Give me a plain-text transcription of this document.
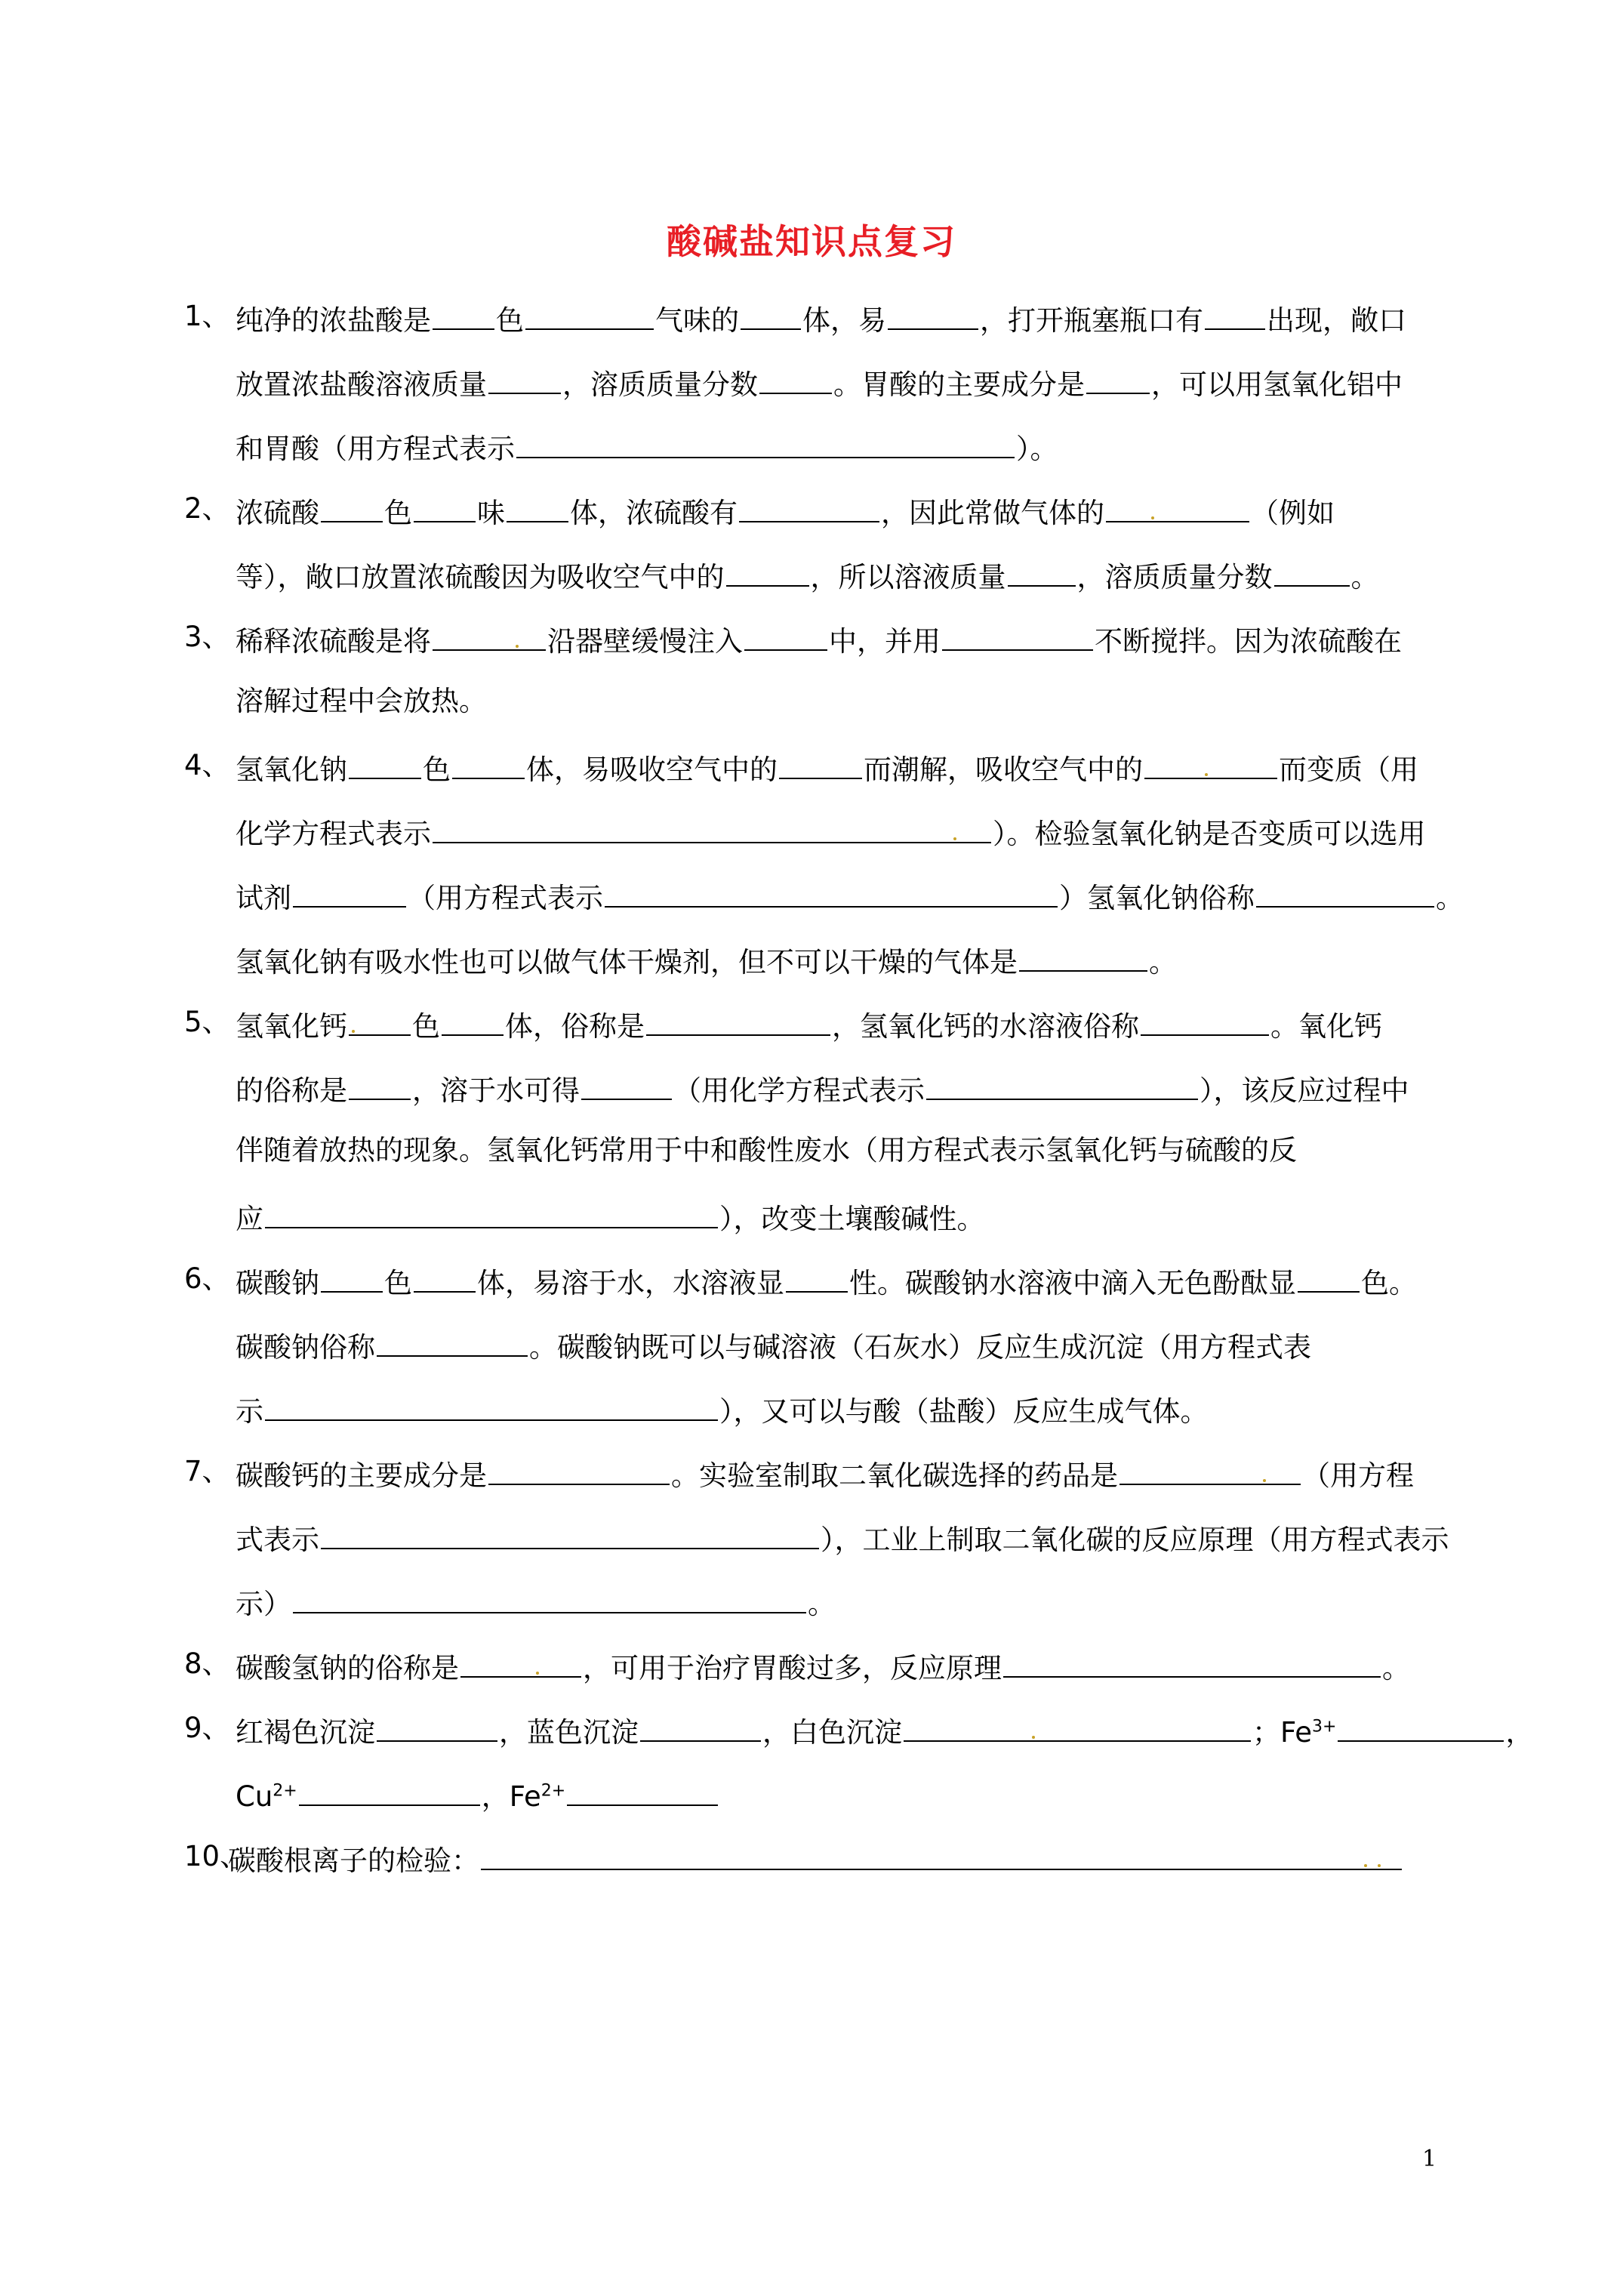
酸碱盐知识点复习
1、 纯净的浓盐酸是 色	气味的 体，易	，打开瓶塞瓶口有 出现，敞口
放置浓盐酸溶液质量	，溶质质量分数	。胃酸的主要成分是 ，可以用氢氧化铝中
和胃酸（用方程式表示	）。
2、 浓硫酸 色 味 体，浓硫酸有	，因此常做气体的	（例如
等），敞口放置浓硫酸因为吸收空气中的	，所以溶液质量	，溶质质量分数	。
3、 稀释浓硫酸是将	沿器壁缓慢注入	中，并用	不断搅拌。因为浓硫酸在
溶解过程中会放热。
4、 氢氧化钠	色	体，易吸收空气中的	而潮解，吸收空气中的	而变质（用
化学方程式表示	）。检验氢氧化钠是否变质可以选用
试剂	（用方程式表示	）氢氧化钠俗称	。
氢氧化钠有吸水性也可以做气体干燥剂，但不可以干燥的气体是	。
5、 氢氧化钙 色 体，俗称是	，氢氧化钙的水溶液俗称	。氧化钙
的俗称是 ，溶于水可得	（用化学方程式表示	），该反应过程中
伴随着放热的现象。氢氧化钙常用于中和酸性废水（用方程式表示氢氧化钙与硫酸的反
应	），改变土壤酸碱性。
6、 碳酸钠 色 体，易溶于水，水溶液显 性。碳酸钠水溶液中滴入无色酚酞显 色。
碳酸钠俗称	。碳酸钠既可以与碱溶液（石灰水）反应生成沉淀（用方程式表
示	），又可以与酸（盐酸）反应生成气体。
7、 碳酸钙的主要成分是	。实验室制取二氧化碳选择的药品是	（用方程
式表示	），工业上制取二氧化碳的反应原理（用方程式表示
示）	。
8、 碳酸氢钠的俗称是	，可用于治疗胃酸过多，反应原理	。
9、 红褐色沉淀	，蓝色沉淀	，白色沉淀	；$Fe^{3+}$	，
$Cu^{2+}$	，$Fe^{2+}$
10、
碳酸根离子的检验：
1
